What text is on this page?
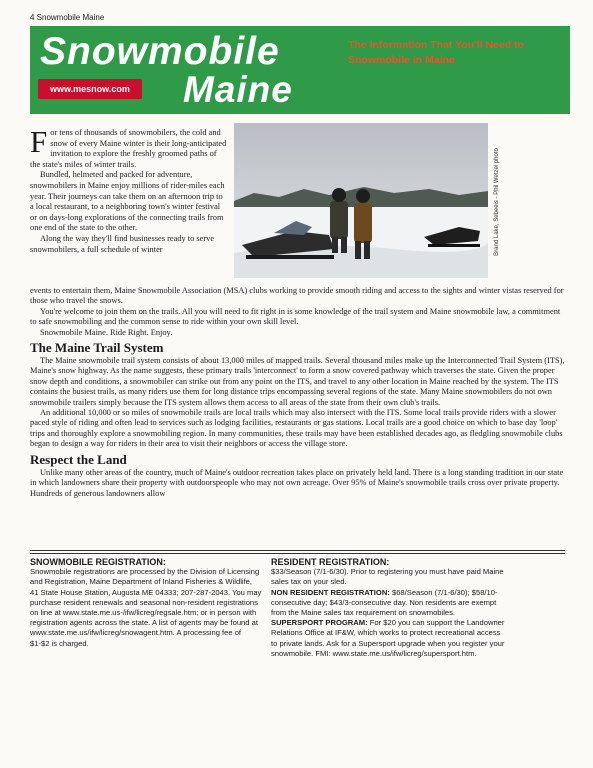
4 Snowmobile Maine
Snowmobile
Maine
www.mesnow.com
The Information That You'll Need to Snowmobile in Maine
Brand Lake, Sebeeis - Phil Wetzel photo

For tens of thousands of snowmobilers, the cold and snow of every Maine winter is their long-anticipated invitation to explore the freshly groomed paths of the state's miles of winter trails.

Bundled, helmeted and packed for adventure, snowmobilers in Maine enjoy millions of rider-miles each year. Their journeys can take them on an afternoon trip to a local restaurant, to a neighboring town's winter festival or on days-long explorations of the connecting trails from one end of the state to the other.

Along the way they'll find businesses ready to serve snowmobilers, a full schedule of winter

events to entertain them, Maine Snowmobile Association (MSA) clubs working to provide smooth riding and access to the sights and winter vistas reserved for those who travel the snows.

You're welcome to join them on the trails. All you will need to fit right in is some knowledge of the trail system and Maine snowmobile law, a commitment to safe snowmobiling and the common sense to ride within your own skill level.

Snowmobile Maine. Ride Right. Enjoy.

The Maine Trail System

The Maine snowmobile trail system consists of about 13,000 miles of mapped trails. Several thousand miles make up the Interconnected Trail System (ITS), Maine's snow highway. As the name suggests, these primary trails 'interconnect' to form a snow covered pathway which traverses the state. Given the proper snow depth and conditions, a snowmobiler can strike out from any point on the ITS, and travel to any other location in Maine reached by the system. The ITS contains the busiest trails, as many riders use them for long distance trips encompassing several regions of the state. Many Maine snowmobilers do not own snowmobile trailers simply because the ITS system allows them access to all areas of the state from their own club's trails.

An additional 10,000 or so miles of snowmobile trails are local trails which may also intersect with the ITS. Some local trails provide riders with a slower paced style of riding and often lead to services such as lodging facilities, restaurants or gas stations. Local trails are a good choice on which to base day 'loop' trips and thoroughly explore a snowmobiling region. In many communities, these trails may have been established decades ago, as fledgling snowmobile clubs began to design a way for riders in their area to visit their neighbors or access the village store.

Respect the Land

Unlike many other areas of the country, much of Maine's outdoor recreation takes place on privately held land. There is a long standing tradition in our state in which landowners share their property with outdoorspeople who may not own acreage. Over 95% of Maine's snowmobile trails cross over private property. Hundreds of generous landowners allow

SNOWMOBILE REGISTRATION:

Snowmobile registrations are processed by the Division of Licensing and Registration, Maine Department of Inland Fisheries & Wildlife, 41 State House Station, Augusta ME 04333; 207-287-2043. You may purchase resident renewals and seasonal non-resident registrations on line at www.state.me.us-/ifw/licreg/regsale.htm; or in person with registration agents across the state. A list of agents may be found at www.state.me.us/ifw/licreg/snowagent.htm. A processing fee of $1-$2 is charged.

RESIDENT REGISTRATION:

$33/Season (7/1-6/30). Prior to registering you must have paid Maine sales tax on your sled.

NON RESIDENT REGISTRATION: $68/Season (7/1-6/30); $58/10-consecutive day; $43/3-consecutive day. Non residents are exempt from the Maine sales tax requirement on snowmobiles.

SUPERSPORT PROGRAM: For $20 you can support the Landowner Relations Office at IF&W, which works to protect recreational access to private lands. Ask for a Supersport upgrade when you register your snowmobile. FMI: www.state.me.us/ifw/licreg/supersport.htm.
